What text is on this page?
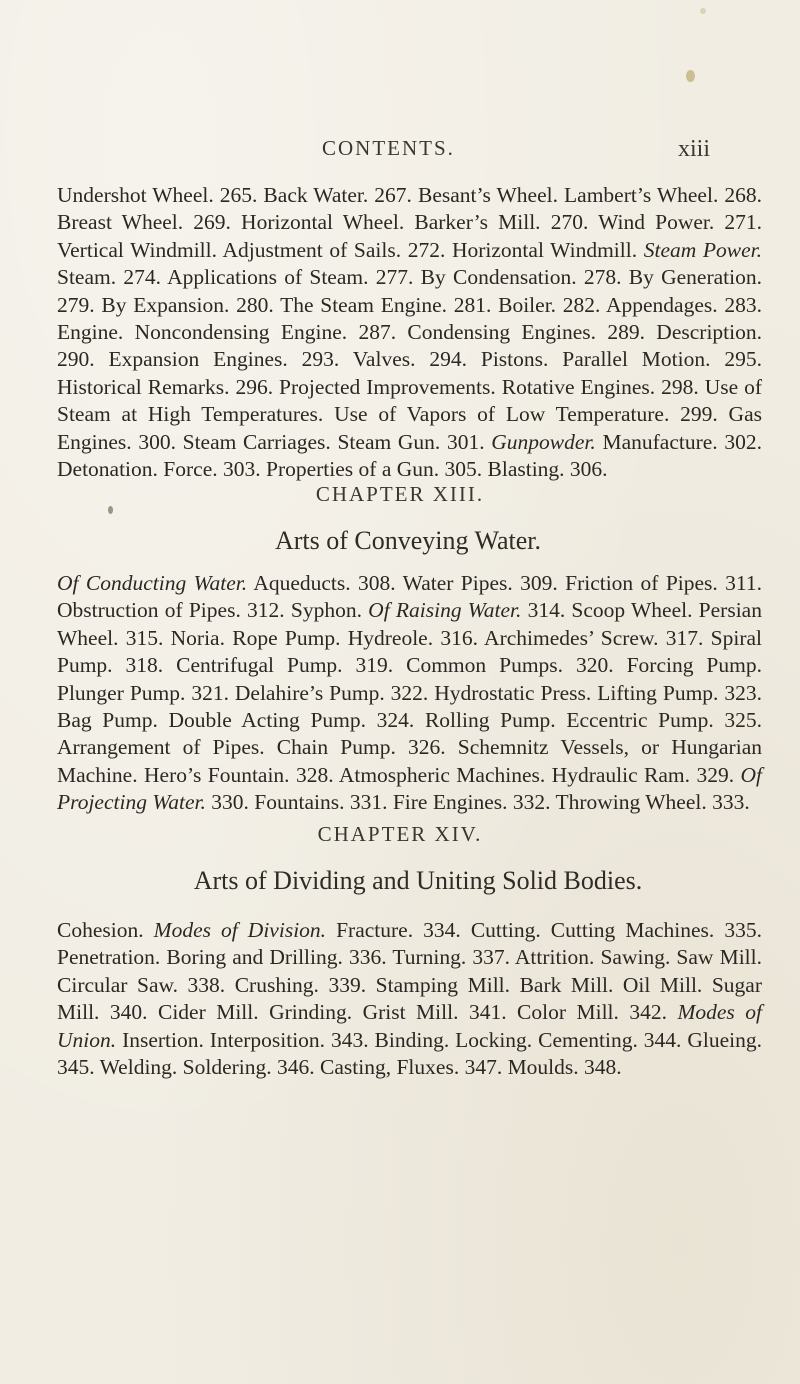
CONTENTS.	xiii

Undershot Wheel. 265. Back Water. 267. Besant’s Wheel. Lambert’s Wheel. 268. Breast Wheel. 269. Horizontal Wheel. Barker’s Mill. 270. Wind Power. 271. Vertical Windmill. Adjustment of Sails. 272. Horizontal Windmill. Steam Power. Steam. 274. Applications of Steam. 277. By Condensation. 278. By Generation. 279. By Expansion. 280. The Steam Engine. 281. Boiler. 282. Appendages. 283. Engine. Noncondensing Engine. 287. Condensing Engines. 289. Description. 290. Expansion Engines. 293. Valves. 294. Pistons. Parallel Motion. 295. Historical Remarks. 296. Projected Improvements. Rotative Engines. 298. Use of Steam at High Temperatures. Use of Vapors of Low Temperature. 299. Gas Engines. 300. Steam Carriages. Steam Gun. 301. Gunpowder. Manufacture. 302. Detonation. Force. 303. Properties of a Gun. 305. Blasting. 306.

CHAPTER XIII.
Arts of Conveying Water.

Of Conducting Water. Aqueducts. 308. Water Pipes. 309. Friction of Pipes. 311. Obstruction of Pipes. 312. Syphon. Of Raising Water. 314. Scoop Wheel. Persian Wheel. 315. Noria. Rope Pump. Hydreole. 316. Archimedes’ Screw. 317. Spiral Pump. 318. Centrifugal Pump. 319. Common Pumps. 320. Forcing Pump. Plunger Pump. 321. Delahire’s Pump. 322. Hydrostatic Press. Lifting Pump. 323. Bag Pump. Double Acting Pump. 324. Rolling Pump. Eccentric Pump. 325. Arrangement of Pipes. Chain Pump. 326. Schemnitz Vessels, or Hungarian Machine. Hero’s Fountain. 328. Atmospheric Machines. Hydraulic Ram. 329. Of Projecting Water. 330. Fountains. 331. Fire Engines. 332. Throwing Wheel. 333.

CHAPTER XIV.
Arts of Dividing and Uniting Solid Bodies.

Cohesion. Modes of Division. Fracture. 334. Cutting. Cutting Machines. 335. Penetration. Boring and Drilling. 336. Turning. 337. Attrition. Sawing. Saw Mill. Circular Saw. 338. Crushing. 339. Stamping Mill. Bark Mill. Oil Mill. Sugar Mill. 340. Cider Mill. Grinding. Grist Mill. 341. Color Mill. 342. Modes of Union. Insertion. Interposition. 343. Binding. Locking. Cementing. 344. Glueing. 345. Welding. Soldering. 346. Casting, Fluxes. 347. Moulds. 348.
